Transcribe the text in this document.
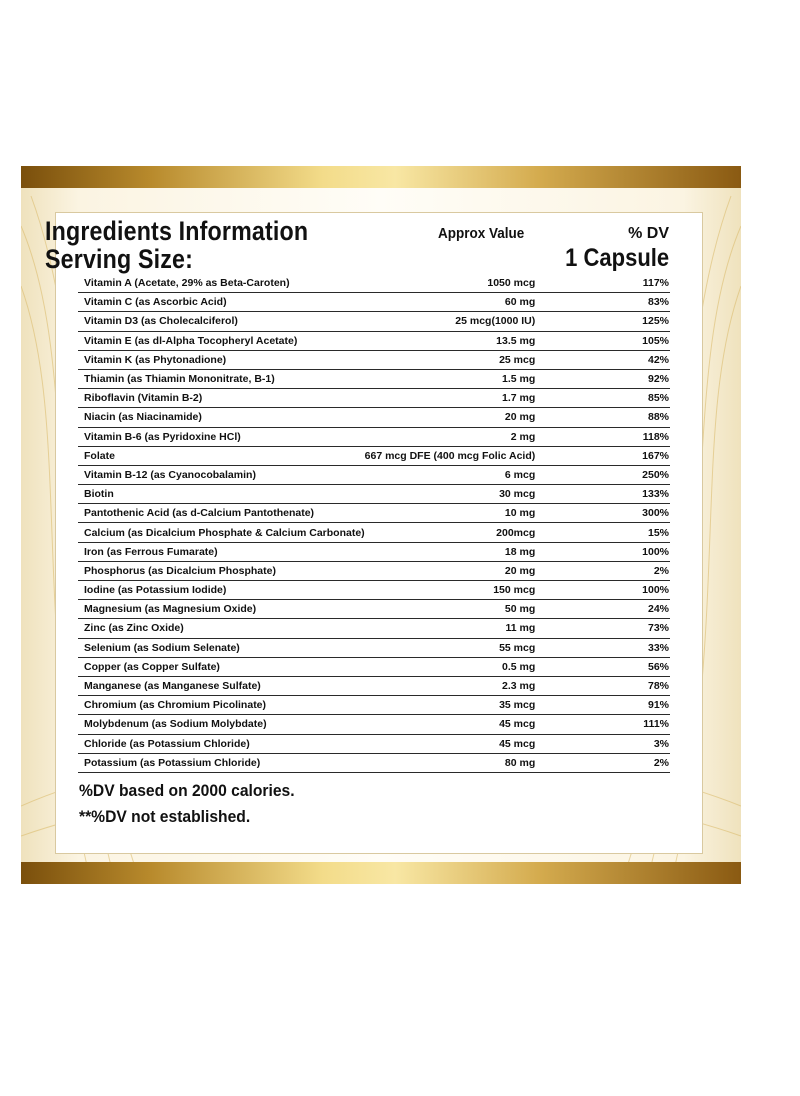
Ingredients Information
Serving Size:
Approx Value	% DV
1 Capsule
Vitamin A (Acetate, 29% as Beta-Caroten)	1050 mcg	117%
Vitamin C (as Ascorbic Acid)	60 mg	83%
Vitamin D3 (as Cholecalciferol)	25 mcg(1000 IU)	125%
Vitamin E (as dl-Alpha Tocopheryl Acetate)	13.5 mg	105%
Vitamin K (as Phytonadione)	25 mcg	42%
Thiamin (as Thiamin Mononitrate, B-1)	1.5 mg	92%
Riboflavin (Vitamin B-2)	1.7 mg	85%
Niacin (as Niacinamide)	20 mg	88%
Vitamin B-6 (as Pyridoxine HCl)	2 mg	118%
Folate	667 mcg DFE (400 mcg Folic Acid)	167%
Vitamin B-12 (as Cyanocobalamin)	6 mcg	250%
Biotin	30 mcg	133%
Pantothenic Acid (as d-Calcium Pantothenate)	10 mg	300%
Calcium (as Dicalcium Phosphate & Calcium Carbonate)	200mcg	15%
Iron (as Ferrous Fumarate)	18 mg	100%
Phosphorus (as Dicalcium Phosphate)	20 mg	2%
Iodine (as Potassium Iodide)	150 mcg	100%
Magnesium (as Magnesium Oxide)	50 mg	24%
Zinc (as Zinc Oxide)	11 mg	73%
Selenium (as Sodium Selenate)	55 mcg	33%
Copper (as Copper Sulfate)	0.5 mg	56%
Manganese (as Manganese Sulfate)	2.3 mg	78%
Chromium (as Chromium Picolinate)	35 mcg	91%
Molybdenum (as Sodium Molybdate)	45 mcg	111%
Chloride (as Potassium Chloride)	45 mcg	3%
Potassium (as Potassium Chloride)	80 mg	2%
%DV based on 2000 calories.
**%DV not established.
